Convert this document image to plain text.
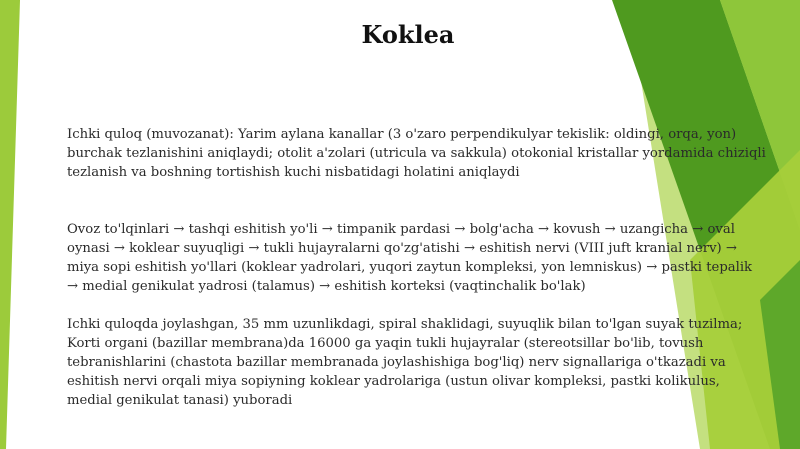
Koklea

Ichki quloq (muvozanat): Yarim aylana kanallar (3 o'zaro perpendikulyar tekislik: oldingi, orqa, yon) burchak tezlanishini aniqlaydi; otolit a'zolari (utricula va sakkula) otokonial kristallar yordamida chiziqli tezlanish va boshning tortishish kuchi nisbatidagi holatini aniqlaydi

Ovoz to'lqinlari → tashqi eshitish yo'li → timpanik pardasi → bolg'acha → kovush → uzangicha → oval oynasi → koklear suyuqligi → tukli hujayralarni qo'zg'atishi → eshitish nervi (VIII juft kranial nerv) → miya sopi eshitish yo'llari (koklear yadrolari, yuqori zaytun kompleksi, yon lemniskus) → pastki tepalik → medial genikulat yadrosi (talamus) → eshitish korteksi (vaqtinchalik bo'lak)

Ichki quloqda joylashgan, 35 mm uzunlikdagi, spiral shaklidagi, suyuqlik bilan to'lgan suyak tuzilma; Korti organi (bazillar membrana)da 16000 ga yaqin tukli hujayralar (stereotsillar bo'lib, tovush tebranishlarini (chastota bazillar membranada joylashishiga bog'liq) nerv signallariga o'tkazadi va eshitish nervi orqali miya sopiyning koklear yadrolariga (ustun olivar kompleksi, pastki kolikulus, medial genikulat tanasi) yuboradi
